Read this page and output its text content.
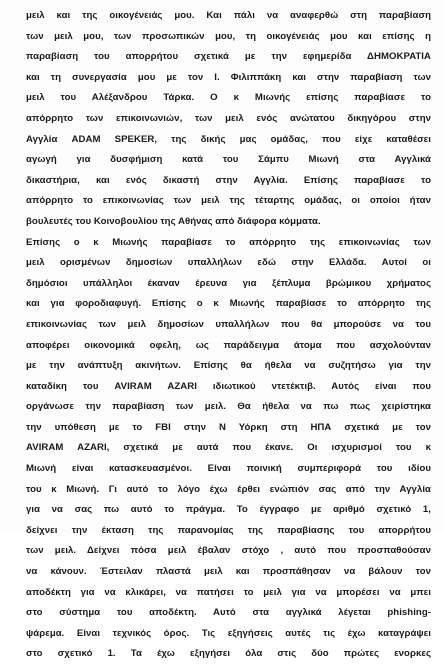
μειλ και της οικογένειάς μου. Και πάλι να αναφερθώ στη παραβίαση
των μειλ μου, των προσωπικών μου, τη οικογένειάς μου και επίσης η
παραβίαση του απορρήτου σχετικά με την εφημερίδα ΔΗΜΟΚΡΑΤΙΑ
και τη συνεργασία μου με τον Ι. Φιλιππάκη και στην παραβίαση των
μειλ του Αλέξανδρου Τάρκα. Ο κ Μιωνής επίσης παραβίασε το
απόρρητο των επικοινωνιών, των μειλ ενός ανώτατου δικηγόρου στην
Αγγλία ADAM SPEKER, της δικής μας ομάδας, που είχε καταθέσει
αγωγή για δυσφήμιση κατά του Σάμπυ Μιωνή στα Αγγλικά
δικαστήρια, και ενός δικαστή στην Αγγλία. Επίσης παραβίασε το
απόρρητο το επικοινωνίας των μειλ της τέταρτης ομάδας, οι οποίοι ήταν
βουλευτές του Κοινοβουλίου της Αθήνας από διάφορα κόμματα.
Επίσης ο κ Μιωνής παραβίασε το απόρρητο της επικοινωνίας των
μειλ ορισμένων δημοσίων υπαλλήλων εδώ στην Ελλάδα. Αυτοί οι
δημόσιοι υπάλληλοι έκαναν έρευνα για ξέπλυμα βρώμικου χρήματος
και για φοροδιαφυγή. Επίσης ο κ Μιωνής παραβίασε το απόρρητο της
επικοινωνίας των μειλ δημοσίων υπαλλήλων που θα μπορούσε να του
αποφέρει οικονομικά οφελη, ως παράδειγμα άτομα που ασχολούνταν
με την ανάπτυξη ακινήτων. Επίσης θα ήθελα να συζητήσω για την
καταδίκη του AVIRAM AZARI ιδιωτικού ντετέκτιβ. Αυτός είναι που
οργάνωσε την παραβίαση των μειλ. Θα ήθελα να πω πως χειρίστηκα
την υπόθεση με το FBI στην Ν Υόρκη στη ΗΠΑ σχετικά με τον
AVIRAM AZARI, σχετικά με αυτά που έκανε. Οι ισχυρισμοί του κ
Μιωνή είναι κατασκευασμένοι. Είναι ποινική συμπεριφορά του ιδίου
του κ Μιωνή. Γι αυτό το λόγο έχω έρθει ενώπιόν σας από την Αγγλία
για να σας πω αυτό το πράγμα. Το έγγραφο με αριθμό σχετικό 1,
δείχνει την έκταση της παρανομίας της παραβίασης του απορρήτου
των μειλ. Δείχνει πόσα μειλ έβαλαν στόχο , αυτό που προσπαθούσαν
να κάνουν. Έστειλαν πλαστά μειλ και προσπάθησαν να βάλουν τον
αποδέκτη για να κλικάρει, να πατήσει το μειλ για να μπορέσει να μπει
στο σύστημα του αποδέκτη. Αυτό στα αγγλικά λέγεται phishing-
ψάρεμα. Είναι τεχνικός όρος. Τις εξηγήσεις αυτές τις έχω καταγράψει
στο σχετικό 1. Τα έχω εξηγήσει όλα στις δύο πρώτες ενορκες
